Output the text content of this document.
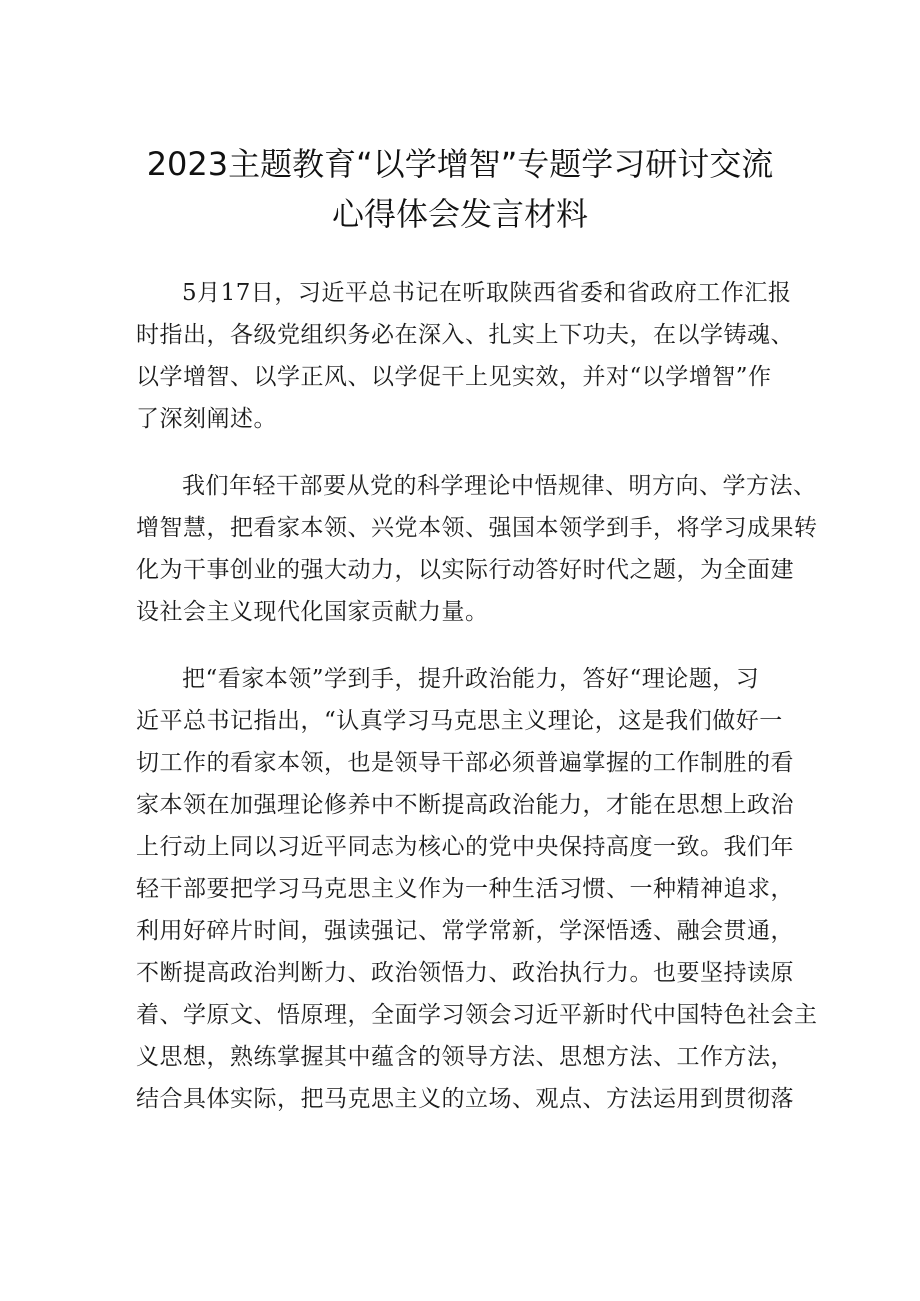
2023主题教育“以学增智”专题学习研讨交流
心得体会发言材料
5月17日，习近平总书记在听取陕西省委和省政府工作汇报
时指出，各级党组织务必在深入、扎实上下功夫，在以学铸魂、
以学增智、以学正风、以学促干上见实效，并对“以学增智”作
了深刻阐述。
我们年轻干部要从党的科学理论中悟规律、明方向、学方法、
增智慧，把看家本领、兴党本领、强国本领学到手，将学习成果转
化为干事创业的强大动力，以实际行动答好时代之题，为全面建
设社会主义现代化国家贡献力量。
把“看家本领”学到手，提升政治能力，答好“理论题，习
近平总书记指出，“认真学习马克思主义理论，这是我们做好一
切工作的看家本领，也是领导干部必须普遍掌握的工作制胜的看
家本领在加强理论修养中不断提高政治能力，才能在思想上政治
上行动上同以习近平同志为核心的党中央保持高度一致。我们年
轻干部要把学习马克思主义作为一种生活习惯、一种精神追求，
利用好碎片时间，强读强记、常学常新，学深悟透、融会贯通，
不断提高政治判断力、政治领悟力、政治执行力。也要坚持读原
着、学原文、悟原理，全面学习领会习近平新时代中国特色社会主
义思想，熟练掌握其中蕴含的领导方法、思想方法、工作方法，
结合具体实际，把马克思主义的立场、观点、方法运用到贯彻落
